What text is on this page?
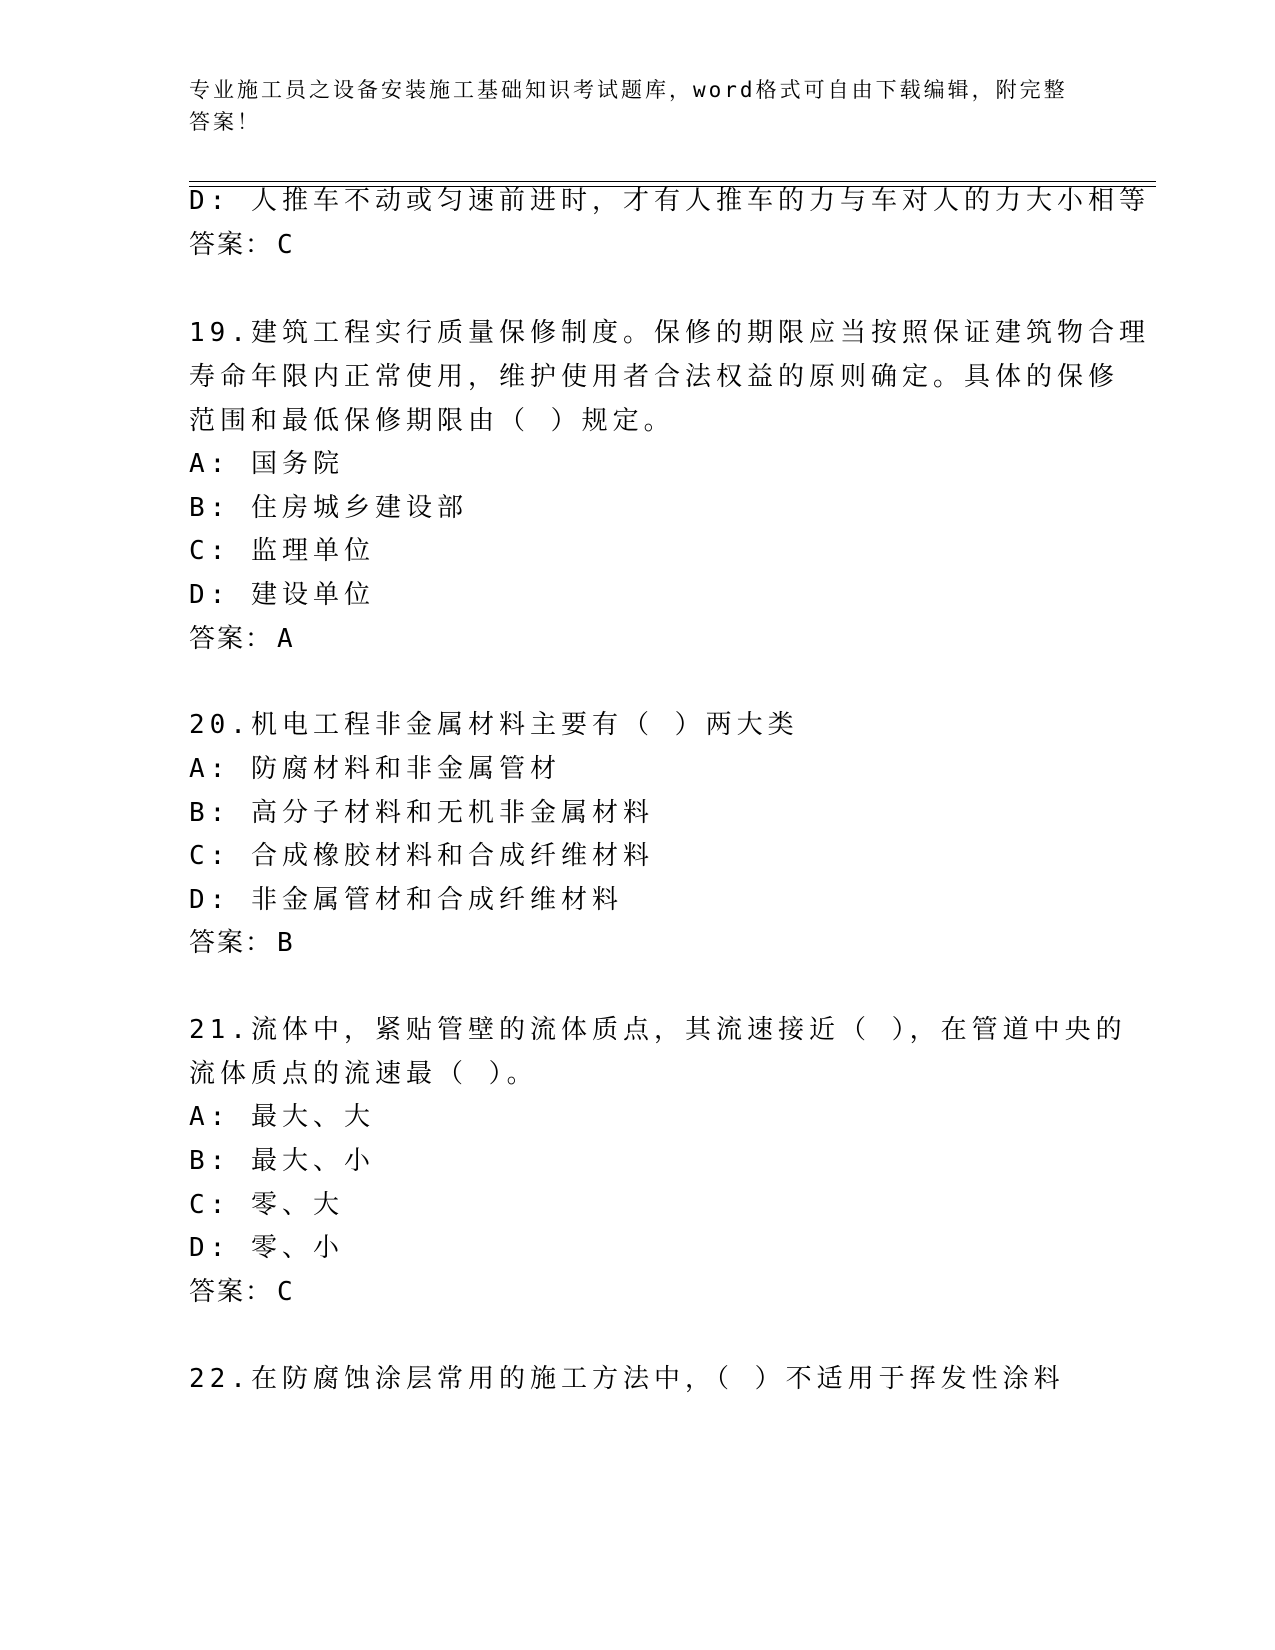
专业施工员之设备安装施工基础知识考试题库，word格式可自由下载编辑，附完整答案！
D: 人推车不动或匀速前进时，才有人推车的力与车对人的力大小相等
答案： C
19.建筑工程实行质量保修制度。保修的期限应当按照保证建筑物合理
寿命年限内正常使用，维护使用者合法权益的原则确定。具体的保修
范围和最低保修期限由（ ）规定。
A: 国务院
B: 住房城乡建设部
C: 监理单位
D: 建设单位
答案： A
20.机电工程非金属材料主要有（ ）两大类
A: 防腐材料和非金属管材
B: 高分子材料和无机非金属材料
C: 合成橡胶材料和合成纤维材料
D: 非金属管材和合成纤维材料
答案： B
21.流体中，紧贴管壁的流体质点，其流速接近（ ），在管道中央的
流体质点的流速最（ ）。
A: 最大、大
B: 最大、小
C: 零、大
D: 零、小
答案： C
22.在防腐蚀涂层常用的施工方法中，（ ）不适用于挥发性涂料
